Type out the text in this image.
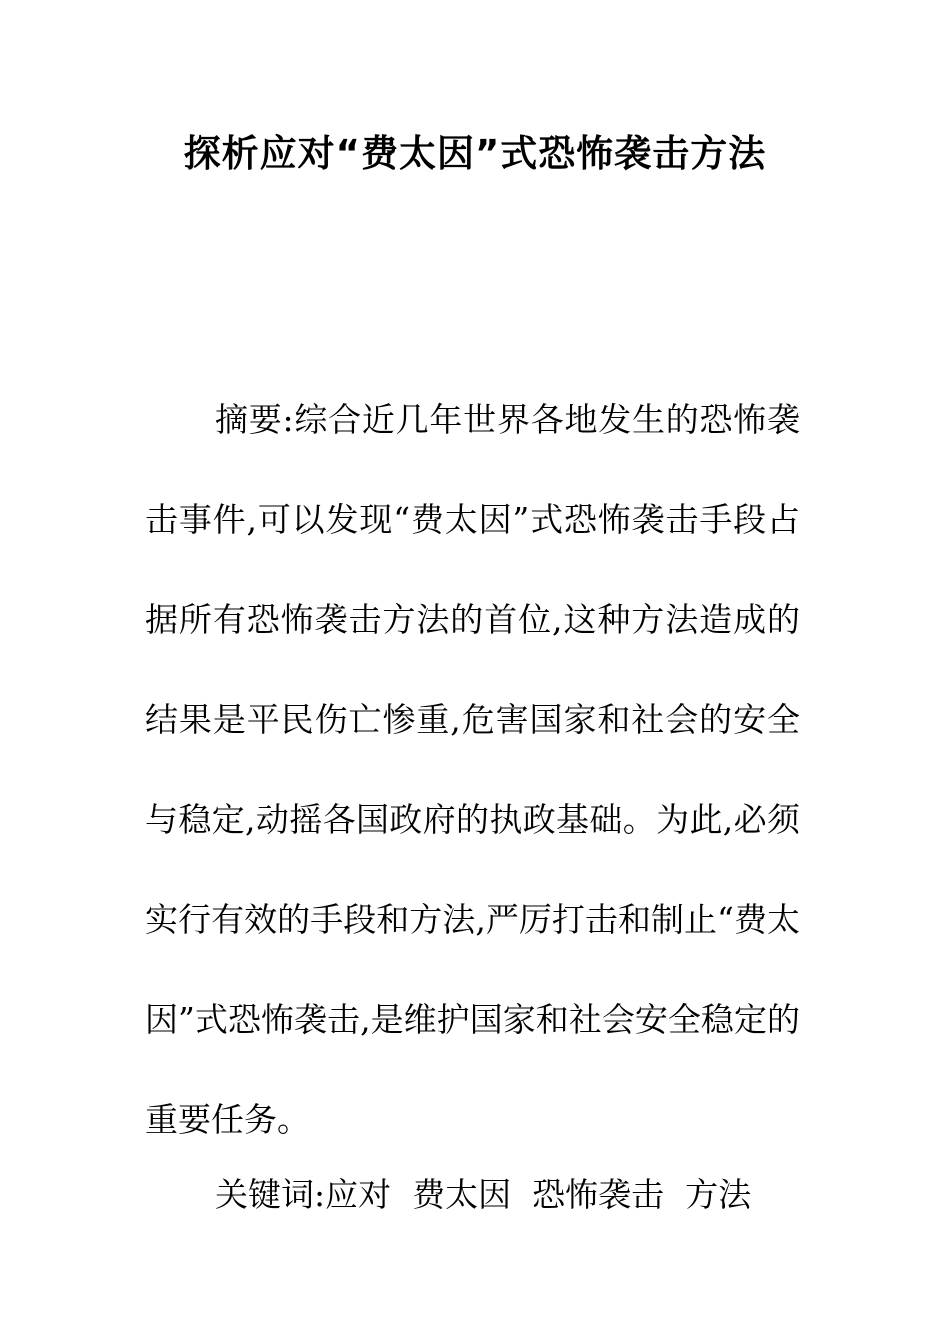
探析应对“费太因”式恐怖袭击方法

摘要:综合近几年世界各地发生的恐怖袭击事件,可以发现“费太因”式恐怖袭击手段占据所有恐怖袭击方法的首位,这种方法造成的结果是平民伤亡惨重,危害国家和社会的安全与稳定,动摇各国政府的执政基础。为此,必须实行有效的手段和方法,严厉打击和制止“费太因”式恐怖袭击,是维护国家和社会安全稳定的重要任务。

关键词:应对  费太因  恐怖袭击  方法
